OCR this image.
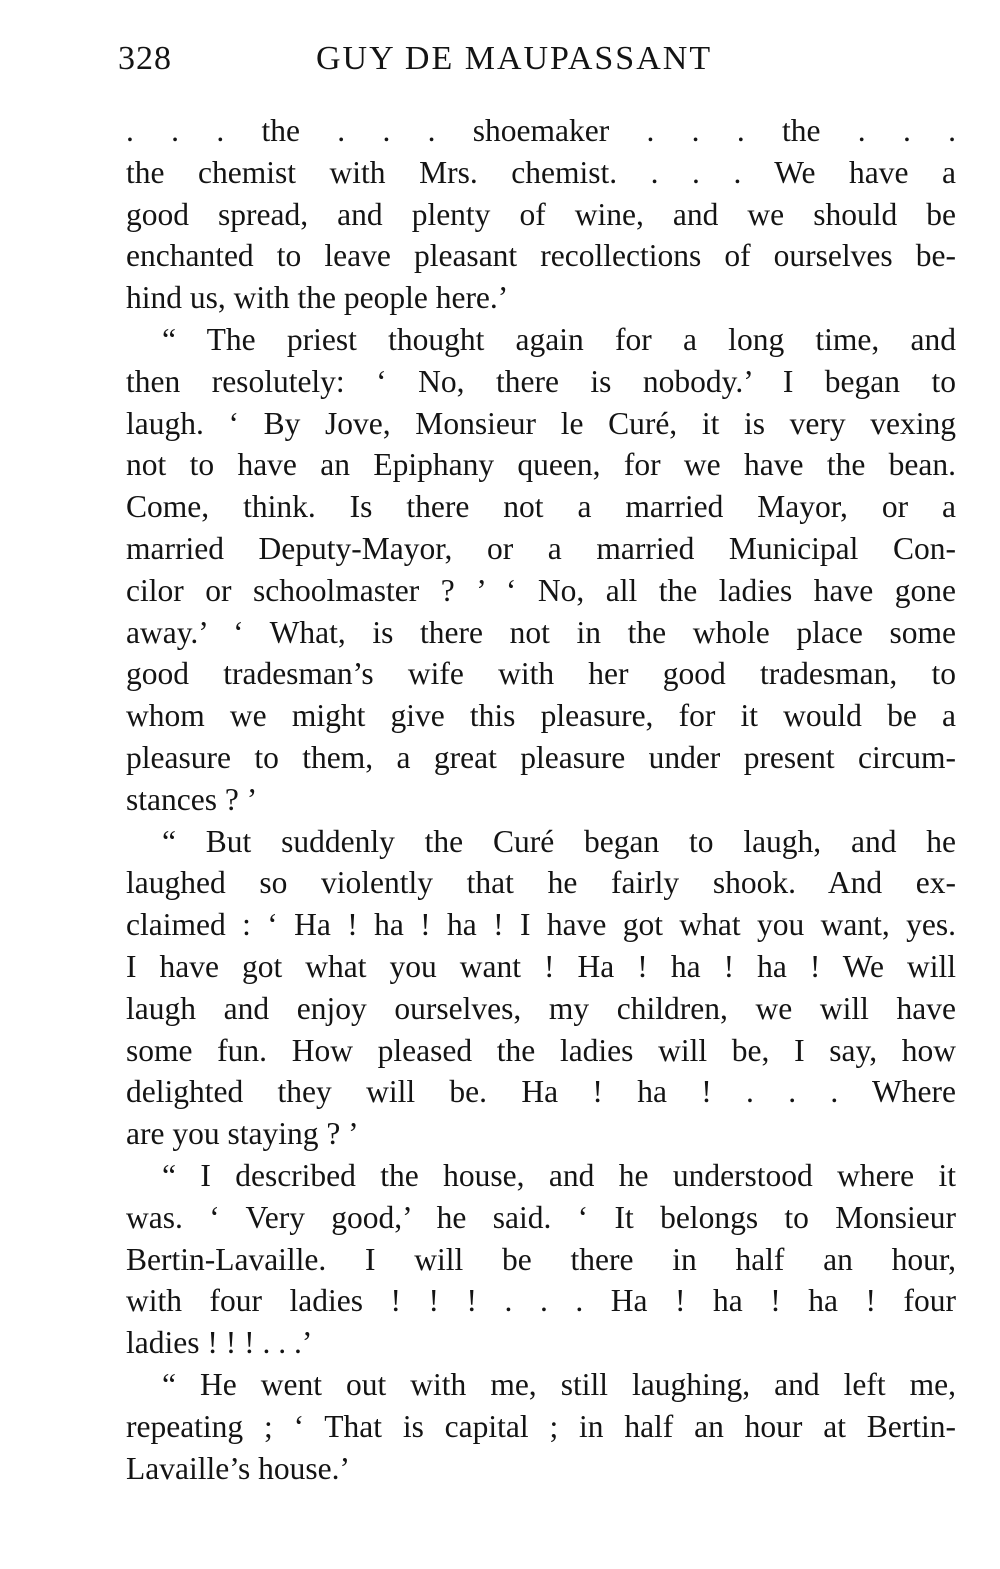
328	GUY DE MAUPASSANT
. . . the . . . shoemaker . . . the . . .
the chemist with Mrs. chemist. . . . We have a
good spread, and plenty of wine, and we should be
enchanted to leave pleasant recollections of ourselves be-
hind us, with the people here.’
“ The priest thought again for a long time, and
then resolutely: ‘ No, there is nobody.’ I began to
laugh. ‘ By Jove, Monsieur le Curé, it is very vexing
not to have an Epiphany queen, for we have the bean.
Come, think. Is there not a married Mayor, or a
married Deputy-Mayor, or a married Municipal Con-
cilor or schoolmaster ? ’ ‘ No, all the ladies have gone
away.’ ‘ What, is there not in the whole place some
good tradesman’s wife with her good tradesman, to
whom we might give this pleasure, for it would be a
pleasure to them, a great pleasure under present circum-
stances ? ’
“ But suddenly the Curé began to laugh, and he
laughed so violently that he fairly shook. And ex-
claimed : ‘ Ha ! ha ! ha ! I have got what you want, yes.
I have got what you want ! Ha ! ha ! ha ! We will
laugh and enjoy ourselves, my children, we will have
some fun. How pleased the ladies will be, I say, how
delighted they will be. Ha ! ha ! . . . Where
are you staying ? ’
“ I described the house, and he understood where it
was. ‘ Very good,’ he said. ‘ It belongs to Monsieur
Bertin-Lavaille. I will be there in half an hour,
with four ladies ! ! ! . . . Ha ! ha ! ha ! four
ladies ! ! ! . . .’
“ He went out with me, still laughing, and left me,
repeating ; ‘ That is capital ; in half an hour at Bertin-
Lavaille’s house.’
